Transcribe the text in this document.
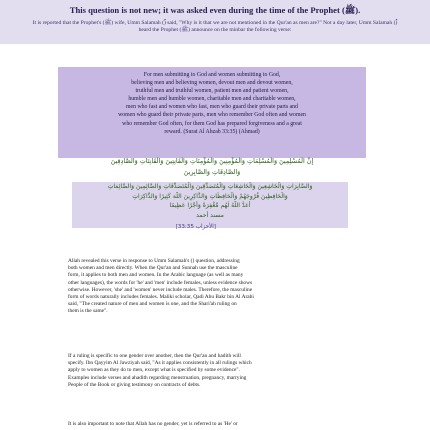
This question is not new; it was asked even during the time of the Prophet (ﷺ).
It is reported that the Prophet's (ﷺ) wife, Umm Salamah (ؓ) said, "Why is it that we are not mentioned in the Qur'an as men are?" Not a day later, Umm Salamah (ؓ) heard the Prophet (ﷺ) announce on the minbar the following verse:
For men submitting to God and women submitting to God,
believing men and believing women, devout men and devout women,
truthful men and truthful women, patient men and patient women,
humble men and humble women, charitable men and charitable women,
men who fast and women who fast, men who guard their private parts and
women who guard their private parts, men who remember God often and women
who remember God often, for them God has prepared forgiveness and a great
reward. (Surat Al Ahzab 33:35) (Ahmad)
إِنَّ الْمُسْلِمِينَ وَالْمُسْلِمَاتِ وَالْمُؤْمِنِينَ وَالْمُؤْمِنَاتِ وَالْقَانِتِينَ وَالْقَانِتَاتِ وَالصَّادِقِينَ
وَالصَّادِقَاتِ وَالصَّابِرِينَ
وَالصَّابِرَاتِ وَالْخَاشِعِينَ وَالْخَاشِعَاتِ وَالْمُتَصَدِّقِينَ وَالْمُتَصَدِّقَاتِ وَالصَّائِمِينَ وَالصَّائِمَاتِ
وَالْحَافِظِينَ فُرُوجَهُمْ وَالْحَافِظَاتِ وَالذَّاكِرِينَ اللَّهَ كَثِيرًا وَالذَّاكِرَاتِ
أَعَدَّ اللَّهُ لَهُم مَّغْفِرَةً وَأَجْرًا عَظِيمًا
مسند أحمد
[الأحزاب 33:35]
Allah revealed this verse in response to Umm Salamah's (ؓ) question, addressing
both women and men directly. When the Qur'an and Sunnah use the masculine
form, it applies to both men and women. In the Arabic language (as well as many
other languages), the words for 'he' and 'men' include females, unless evidence shows
otherwise. However, 'she' and 'women' never include males. Therefore, the masculine
form of words naturally includes females. Maliki scholar, Qadi Abu Bakr bin Al Arabi
said, "The created nature of men and women is one, and the Shari'ah ruling on
them is the same".
If a ruling is specific to one gender over another, then the Qur'an and hadith will
specify. Ibn Qayyim Al Jawziyah said, "As it applies consistently in all rulings which
apply to women as they do to men, except what is specified by some evidence".
Examples include verses and ahadith regarding menstruation, pregnancy, marrying
People of the Book or giving testimony on contracts of debts.
It is also important to note that Allah has no gender, yet is referred to as 'He' or
